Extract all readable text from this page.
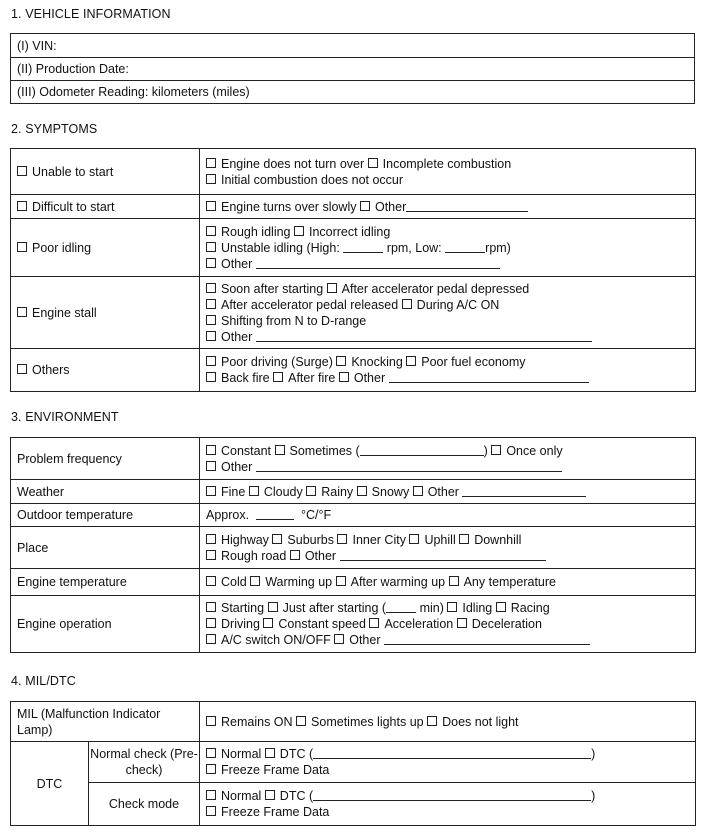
1. VEHICLE INFORMATION
(I) VIN:
(II) Production Date:
(III) Odometer Reading: kilometers (miles)
2. SYMPTOMS
Unable to start	Engine does not turn over Incomplete combustion
Initial combustion does not occur

Difficult to start	Engine turns over slowly Other

Poor idling	Rough idling Incorrect idling
Unstable idling (High: rpm, Low: rpm)
Other

Engine stall	Soon after starting After accelerator pedal depressed
After accelerator pedal released During A/C ON
Shifting from N to D-range
Other

Others	Poor driving (Surge) Knocking Poor fuel economy
Back fire After fire Other
3. ENVIRONMENT
Problem frequency	Constant Sometimes ( ) Once only
Other

Weather	Fine Cloudy Rainy Snowy Other

Outdoor temperature	Approx. °C/°F

Place	Highway Suburbs Inner City Uphill Downhill
Rough road Other

Engine temperature	Cold Warming up After warming up Any temperature

Engine operation	Starting Just after starting ( min) Idling Racing
Driving Constant speed Acceleration Deceleration
A/C switch ON/OFF Other
4. MIL/DTC
MIL (Malfunction Indicator Lamp)		Remains ON Sometimes lights up Does not light

DTC	Normal check (Pre-check)	Normal DTC ( )
Freeze Frame Data

	Check mode	Normal DTC ( )
Freeze Frame Data
